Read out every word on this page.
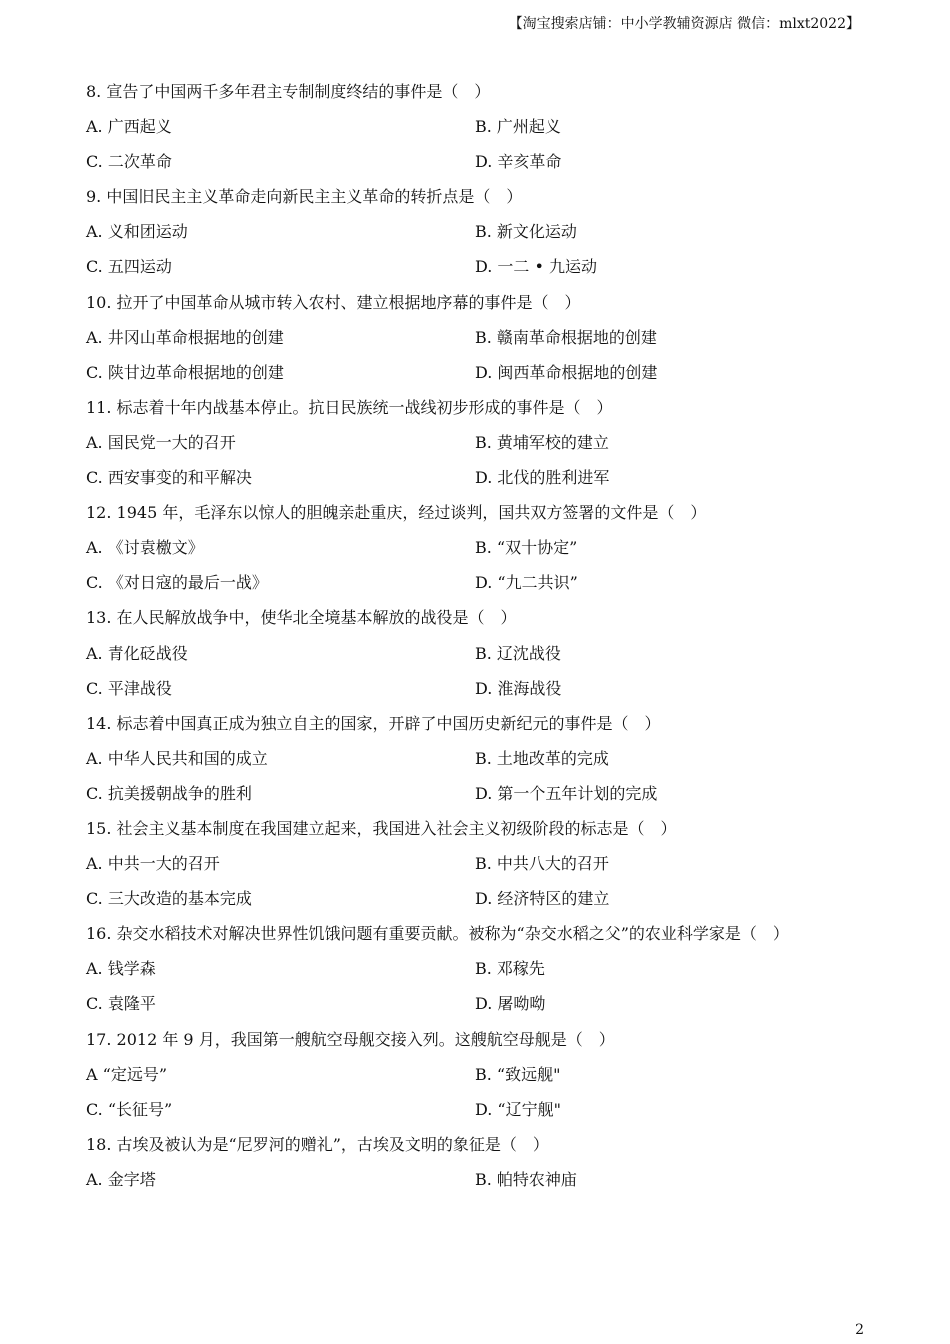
【淘宝搜索店铺：中小学教辅资源店 微信：mlxt2022】
8. 宣告了中国两千多年君主专制制度终结的事件是（　）
A. 广西起义	B. 广州起义
C. 二次革命	D. 辛亥革命
9. 中国旧民主主义革命走向新民主主义革命的转折点是（　）
A. 义和团运动	B. 新文化运动
C. 五四运动	D. 一二 • 九运动
10. 拉开了中国革命从城市转入农村、建立根据地序幕的事件是（　）
A. 井冈山革命根据地的创建	B. 赣南革命根据地的创建
C. 陕甘边革命根据地的创建	D. 闽西革命根据地的创建
11. 标志着十年内战基本停止。抗日民族统一战线初步形成的事件是（　）
A. 国民党一大的召开	B. 黄埔军校的建立
C. 西安事变的和平解决	D. 北伐的胜利进军
12. 1945 年，毛泽东以惊人的胆魄亲赴重庆，经过谈判，国共双方签署的文件是（　）
A. 《讨袁檄文》	B. “双十协定”
C. 《对日寇的最后一战》	D. “九二共识”
13. 在人民解放战争中，使华北全境基本解放的战役是（　）
A. 青化砭战役	B. 辽沈战役
C. 平津战役	D. 淮海战役
14. 标志着中国真正成为独立自主的国家，开辟了中国历史新纪元的事件是（　）
A. 中华人民共和国的成立	B. 土地改革的完成
C. 抗美援朝战争的胜利	D. 第一个五年计划的完成
15. 社会主义基本制度在我国建立起来，我国进入社会主义初级阶段的标志是（　）
A. 中共一大的召开	B. 中共八大的召开
C. 三大改造的基本完成	D. 经济特区的建立
16. 杂交水稻技术对解决世界性饥饿问题有重要贡献。被称为“杂交水稻之父”的农业科学家是（　）
A. 钱学森	B. 邓稼先
C. 袁隆平	D. 屠呦呦
17. 2012 年 9 月，我国第一艘航空母舰交接入列。这艘航空母舰是（　）
A “定远号”	B. “致远舰"
C. “长征号”	D. “辽宁舰"
18. 古埃及被认为是“尼罗河的赠礼”，古埃及文明的象征是（　）
A. 金字塔	B. 帕特农神庙
2
